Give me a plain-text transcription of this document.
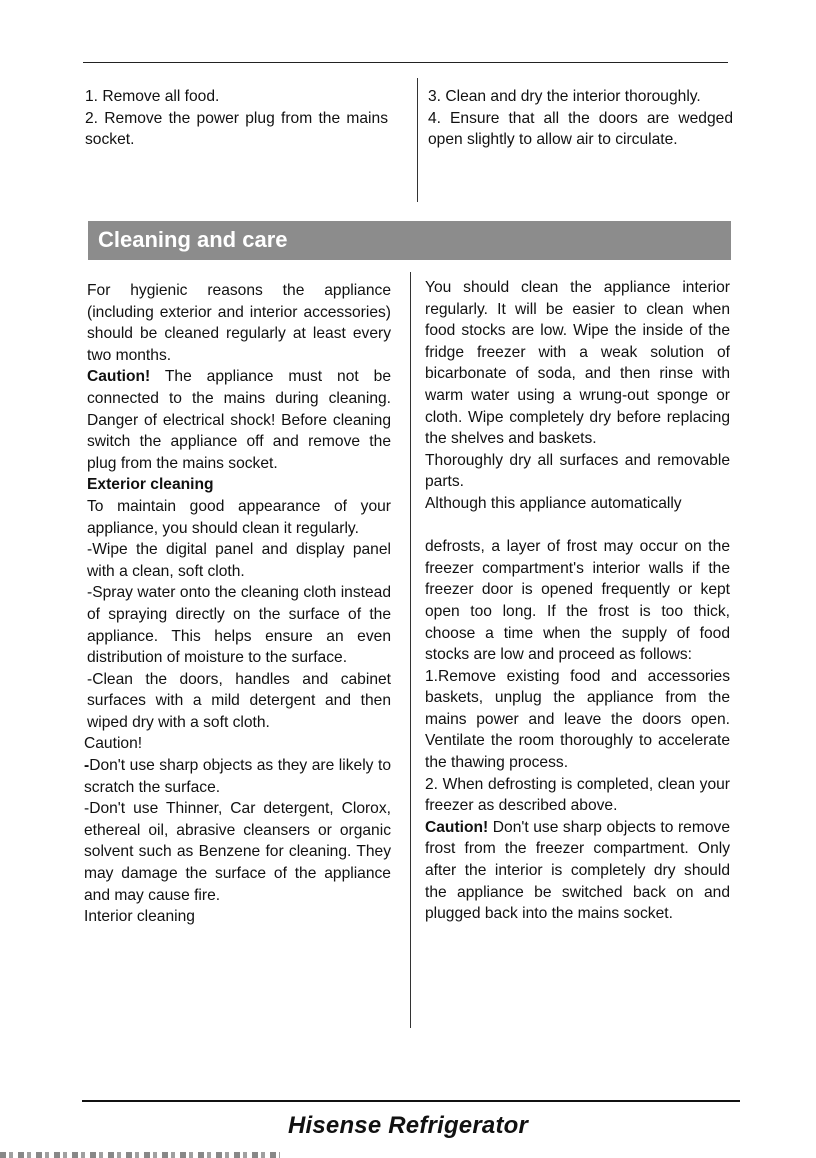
1. Remove all food.

2. Remove the power plug from the mains socket.

3. Clean and dry the interior thoroughly.

4. Ensure that all the doors are wedged open slightly to allow air to circulate.

Cleaning and care

For hygienic reasons the appliance (including exterior and interior accessories) should be cleaned regularly at least every two months.

Caution! The appliance must not be connected to the mains during cleaning. Danger of electrical shock! Before cleaning switch the appliance off and remove the plug from the mains socket.

Exterior cleaning

To maintain good appearance of your appliance, you should clean it regularly.

-Wipe the digital panel and display panel with a clean, soft cloth.

-Spray water onto the cleaning cloth instead of spraying directly on the surface of the appliance. This helps ensure an even distribution of moisture to the surface.

-Clean the doors, handles and cabinet surfaces with a mild detergent and then wiped dry with a soft cloth.

Caution!

-Don't use sharp objects as they are likely to scratch the surface.

-Don't use Thinner, Car detergent, Clorox, ethereal oil, abrasive cleansers or organic solvent such as Benzene for cleaning. They may damage the surface of the appliance and may cause fire.

Interior cleaning

You should clean the appliance interior regularly. It will be easier to clean when food stocks are low. Wipe the inside of the fridge freezer with a weak solution of bicarbonate of soda, and then rinse with warm water using a wrung-out sponge or cloth. Wipe completely dry before replacing the shelves and baskets.

Thoroughly dry all surfaces and removable parts.

Although this appliance automatically

defrosts, a layer of frost may occur on the freezer compartment's interior walls if the freezer door is opened frequently or kept open too long. If the frost is too thick, choose a time when the supply of food stocks are low and proceed as follows:

1.Remove existing food and accessories baskets, unplug the appliance from the mains power and leave the doors open. Ventilate the room thoroughly to accelerate the thawing process.

2. When defrosting is completed, clean your freezer as described above.

Caution! Don't use sharp objects to remove frost from the freezer compartment. Only after the interior is completely dry should the appliance be switched back on and plugged back into the mains socket.

Hisense Refrigerator
